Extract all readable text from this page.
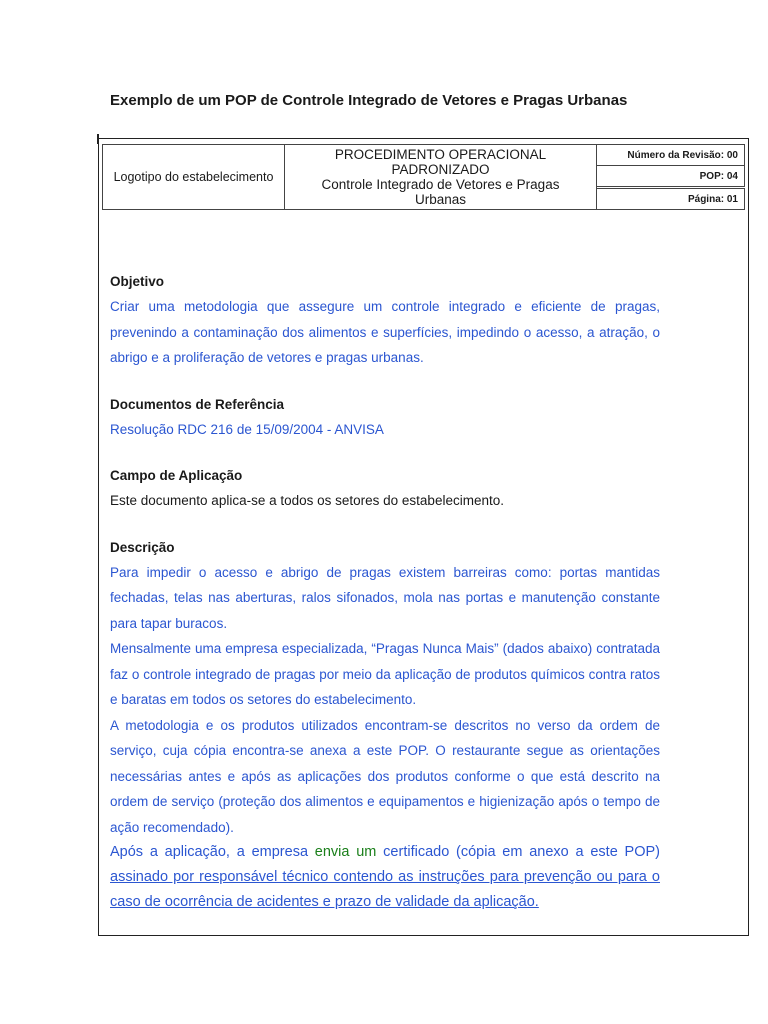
Exemplo de um POP de Controle Integrado de Vetores e Pragas Urbanas
Logotipo do estabelecimento
PROCEDIMENTO OPERACIONAL
PADRONIZADO
Controle Integrado de Vetores e Pragas
Urbanas
Número da Revisão: 00
POP: 04
Página: 01

Objetivo

Criar uma metodologia que assegure um controle integrado e eficiente de pragas, prevenindo a contaminação dos alimentos e superfícies, impedindo o acesso, a atração, o abrigo e a proliferação de vetores e pragas urbanas.

Documentos de Referência

Resolução RDC 216 de 15/09/2004 - ANVISA

Campo de Aplicação

Este documento aplica-se a todos os setores do estabelecimento.

Descrição

Para impedir o acesso e abrigo de pragas existem barreiras como: portas mantidas fechadas, telas nas aberturas, ralos sifonados, mola nas portas e manutenção constante para tapar buracos.

Mensalmente uma empresa especializada, “Pragas Nunca Mais” (dados abaixo) contratada faz o controle integrado de pragas por meio da aplicação de produtos químicos contra ratos e baratas em todos os setores do estabelecimento.

A metodologia e os produtos utilizados encontram-se descritos no verso da ordem de serviço, cuja cópia encontra-se anexa a este POP. O restaurante segue as orientações necessárias antes e após as aplicações dos produtos conforme o que está descrito na ordem de serviço (proteção dos alimentos e equipamentos e higienização após o tempo de ação recomendado).

Após a aplicação, a empresa envia um certificado (cópia em anexo a este POP) assinado por responsável técnico contendo as instruções para prevenção ou para o caso de ocorrência de acidentes e prazo de validade da aplicação.
